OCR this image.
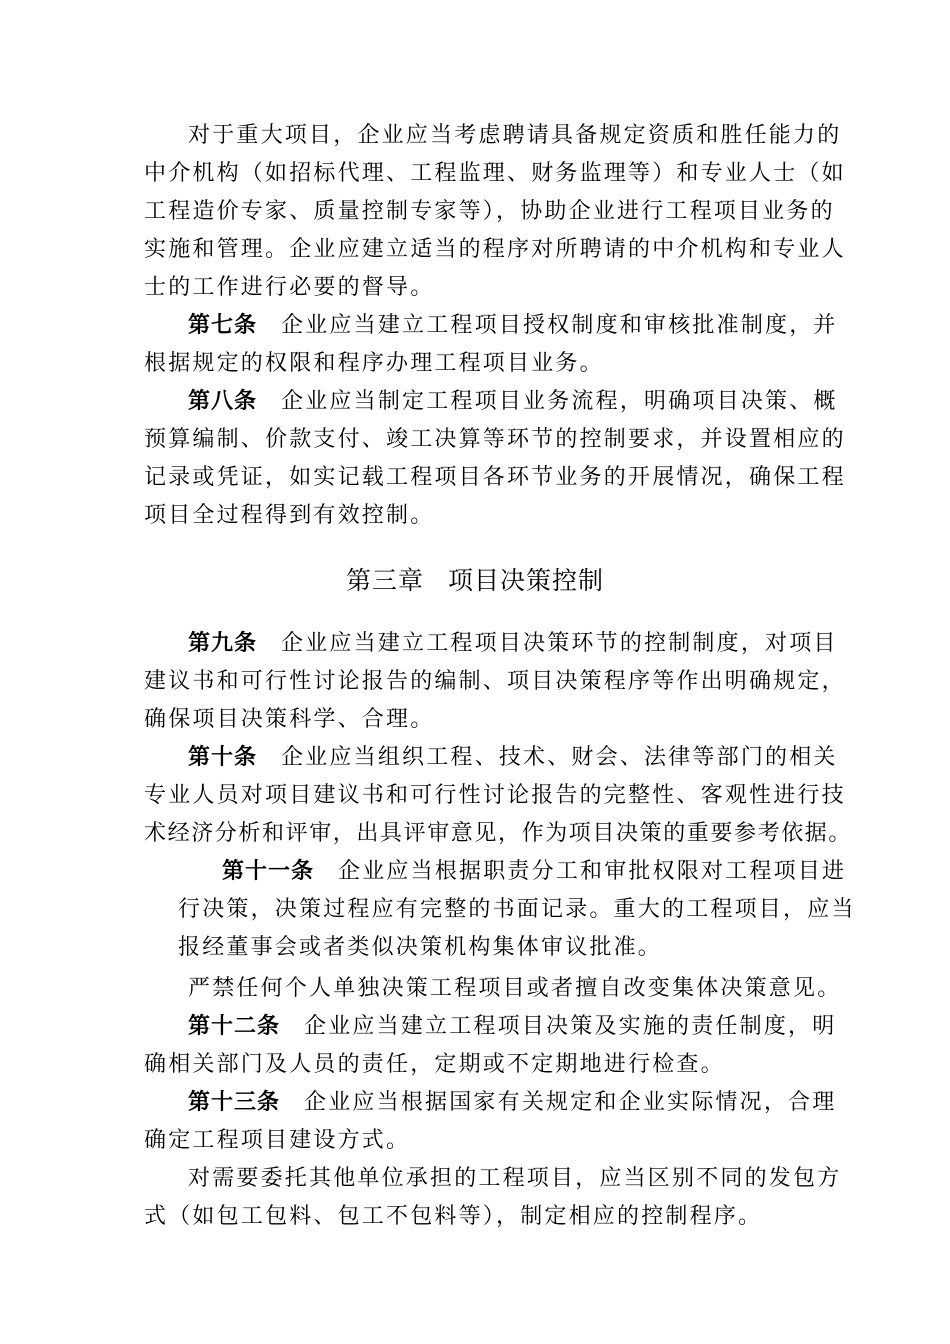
对于重大项目，企业应当考虑聘请具备规定资质和胜任能力的
中介机构（如招标代理、工程监理、财务监理等）和专业人士（如
工程造价专家、质量控制专家等），协助企业进行工程项目业务的
实施和管理。企业应建立适当的程序对所聘请的中介机构和专业人
士的工作进行必要的督导。
第七条 企业应当建立工程项目授权制度和审核批准制度，并
根据规定的权限和程序办理工程项目业务。
第八条 企业应当制定工程项目业务流程，明确项目决策、概
预算编制、价款支付、竣工决算等环节的控制要求，并设置相应的
记录或凭证，如实记载工程项目各环节业务的开展情况，确保工程
项目全过程得到有效控制。
第三章 项目决策控制
第九条 企业应当建立工程项目决策环节的控制制度，对项目
建议书和可行性讨论报告的编制、项目决策程序等作出明确规定，
确保项目决策科学、合理。
第十条 企业应当组织工程、技术、财会、法律等部门的相关
专业人员对项目建议书和可行性讨论报告的完整性、客观性进行技
术经济分析和评审，出具评审意见，作为项目决策的重要参考依据。
第十一条 企业应当根据职责分工和审批权限对工程项目进
行决策，决策过程应有完整的书面记录。重大的工程项目，应当
报经董事会或者类似决策机构集体审议批准。
严禁任何个人单独决策工程项目或者擅自改变集体决策意见。
第十二条 企业应当建立工程项目决策及实施的责任制度，明
确相关部门及人员的责任，定期或不定期地进行检查。
第十三条 企业应当根据国家有关规定和企业实际情况，合理
确定工程项目建设方式。
对需要委托其他单位承担的工程项目，应当区别不同的发包方
式（如包工包料、包工不包料等），制定相应的控制程序。
